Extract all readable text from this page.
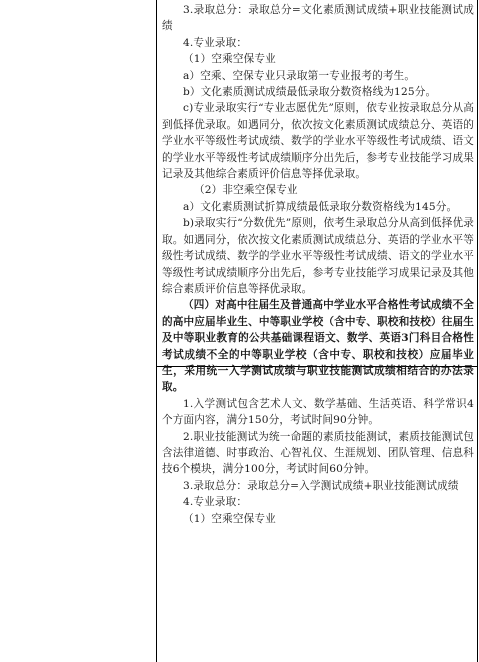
3.录取总分：录取总分=文化素质测试成绩+职业技能测试成绩

4.专业录取：

（1）空乘空保专业

a）空乘、空保专业只录取第一专业报考的考生。

b）文化素质测试成绩最低录取分数资格线为125分。

c)专业录取实行“专业志愿优先”原则，依专业按录取总分从高到低择优录取。如遇同分，依次按文化素质测试成绩总分、英语的学业水平等级性考试成绩、数学的学业水平等级性考试成绩、语文的学业水平等级性考试成绩顺序分出先后，参考专业技能学习成果记录及其他综合素质评价信息等择优录取。

（2）非空乘空保专业

a）文化素质测试折算成绩最低录取分数资格线为145分。

b)录取实行“分数优先”原则，依考生录取总分从高到低择优录取。如遇同分，依次按文化素质测试成绩总分、英语的学业水平等级性考试成绩、数学的学业水平等级性考试成绩、语文的学业水平等级性考试成绩顺序分出先后，参考专业技能学习成果记录及其他综合素质评价信息等择优录取。

（四）对高中往届生及普通高中学业水平合格性考试成绩不全的高中应届毕业生、中等职业学校（含中专、职校和技校）往届生及中等职业教育的公共基础课程语文、数学、英语3门科目合格性考试成绩不全的中等职业学校（含中专、职校和技校）应届毕业生，采用统一入学测试成绩与职业技能测试成绩相结合的办法录取。

1.入学测试包含艺术人文、数学基础、生活英语、科学常识4个方面内容，满分150分，考试时间90分钟。

2.职业技能测试为统一命题的素质技能测试，素质技能测试包含法律道德、时事政治、心智礼仪、生涯规划、团队管理、信息科技6个模块，满分100分，考试时间60分钟。

3.录取总分：录取总分=入学测试成绩+职业技能测试成绩

4.专业录取：

（1）空乘空保专业
